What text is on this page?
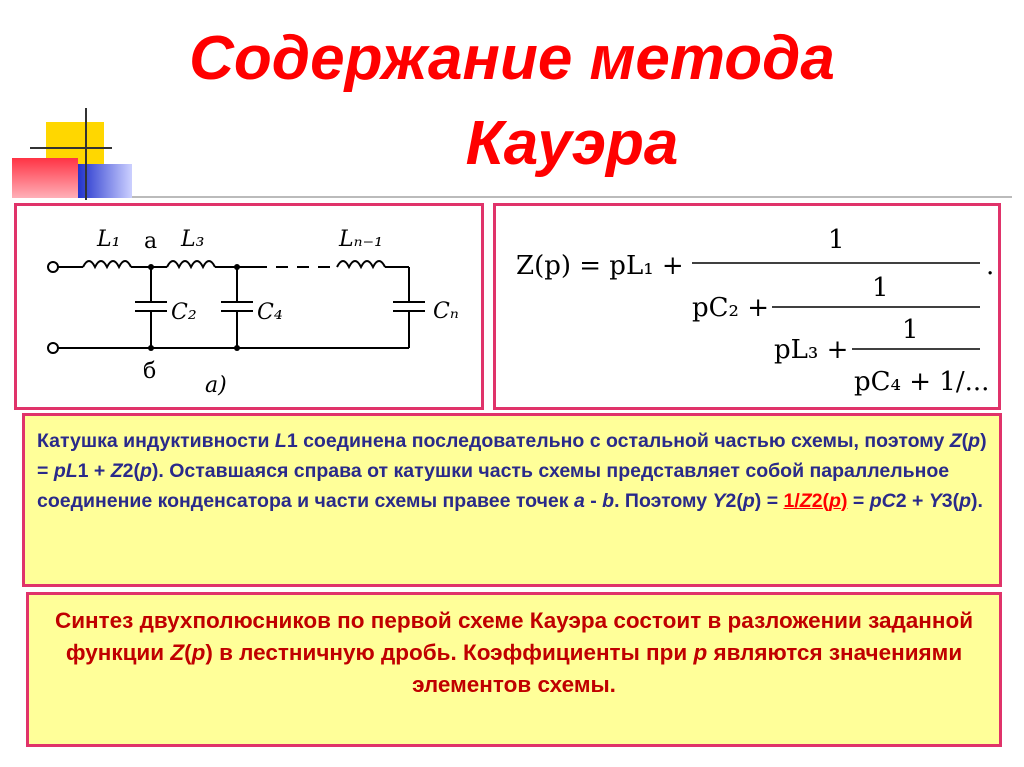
Содержание метода
Кауэра
L₁ a L₃	Lₙ₋₁
C₂	C₄	Cₙ
б
а)
Z(p) = pL₁ +
1
.
pC₂ +
1
pL₃ +
1
pC₄ + 1/...
Катушка индуктивности L1 соединена последовательно с остальной частью схемы, поэтому Z(p) = pL1 + Z2(p). Оставшаяся справа от катушки часть схемы представляет собой параллельное соединение конденсатора и части схемы правее точек a - b. Поэтому Y2(p) = 1/Z2(p) = pC2 + Y3(p).
Синтез двухполюсников по первой схеме Кауэра состоит в разложении заданной функции Z(p) в лестничную дробь. Коэффициенты при p являются значениями элементов схемы.
